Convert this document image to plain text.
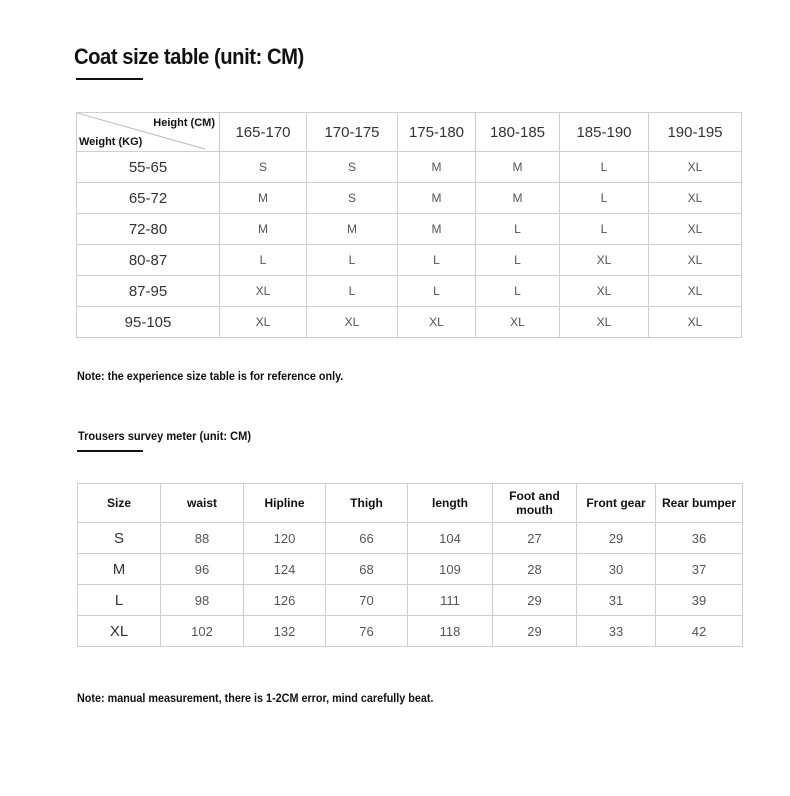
Coat size table (unit: CM)
Height (CM)
Weight (KG)	165-170	170-175	175-180	180-185	185-190	190-195
55-65	S	S	M	M	L	XL
65-72	M	S	M	M	L	XL
72-80	M	M	M	L	L	XL
80-87	L	L	L	L	XL	XL
87-95	XL	L	L	L	XL	XL
95-105	XL	XL	XL	XL	XL	XL
Note: the experience size table is for reference only.
Trousers survey meter (unit: CM)
Size	waist	Hipline	Thigh	length	Foot and mouth	Front gear	Rear bumper
S	88	120	66	104	27	29	36
M	96	124	68	109	28	30	37
L	98	126	70	111	29	31	39
XL	102	132	76	118	29	33	42
Note: manual measurement, there is 1-2CM error, mind carefully beat.
